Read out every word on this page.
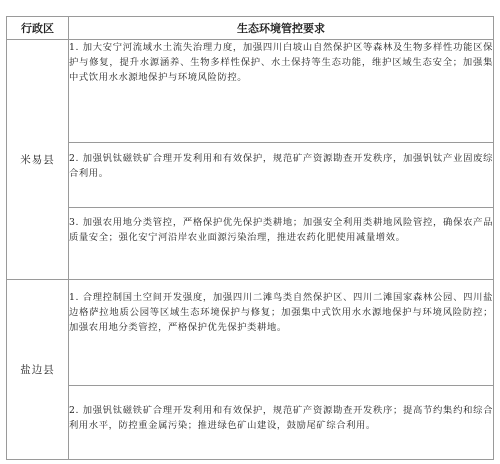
行政区	生态环境管控要求
米易县	1. 加大安宁河流域水土流失治理力度，加强四川白坡山自然保护区等森林及生物多样性功能区保护与修复，提升水源涵养、生物多样性保护、水土保持等生态功能，维护区域生态安全；加强集中式饮用水水源地保护与环境风险防控。

	2. 加强钒钛磁铁矿合理开发利用和有效保护，规范矿产资源勘查开发秩序，加强钒钛产业固废综合利用。

	3. 加强农用地分类管控，严格保护优先保护类耕地；加强安全利用类耕地风险管控，确保农产品质量安全；强化安宁河沿岸农业面源污染治理，推进农药化肥使用减量增效。

盐边县	1. 合理控制国土空间开发强度，加强四川二滩鸟类自然保护区、四川二滩国家森林公园、四川盐边格萨拉地质公园等区域生态环境保护与修复；加强集中式饮用水水源地保护与环境风险防控；加强农用地分类管控，严格保护优先保护类耕地。

	2. 加强钒钛磁铁矿合理开发利用和有效保护，规范矿产资源勘查开发秩序；提高节约集约和综合利用水平，防控重金属污染；推进绿色矿山建设，鼓励尾矿综合利用。
